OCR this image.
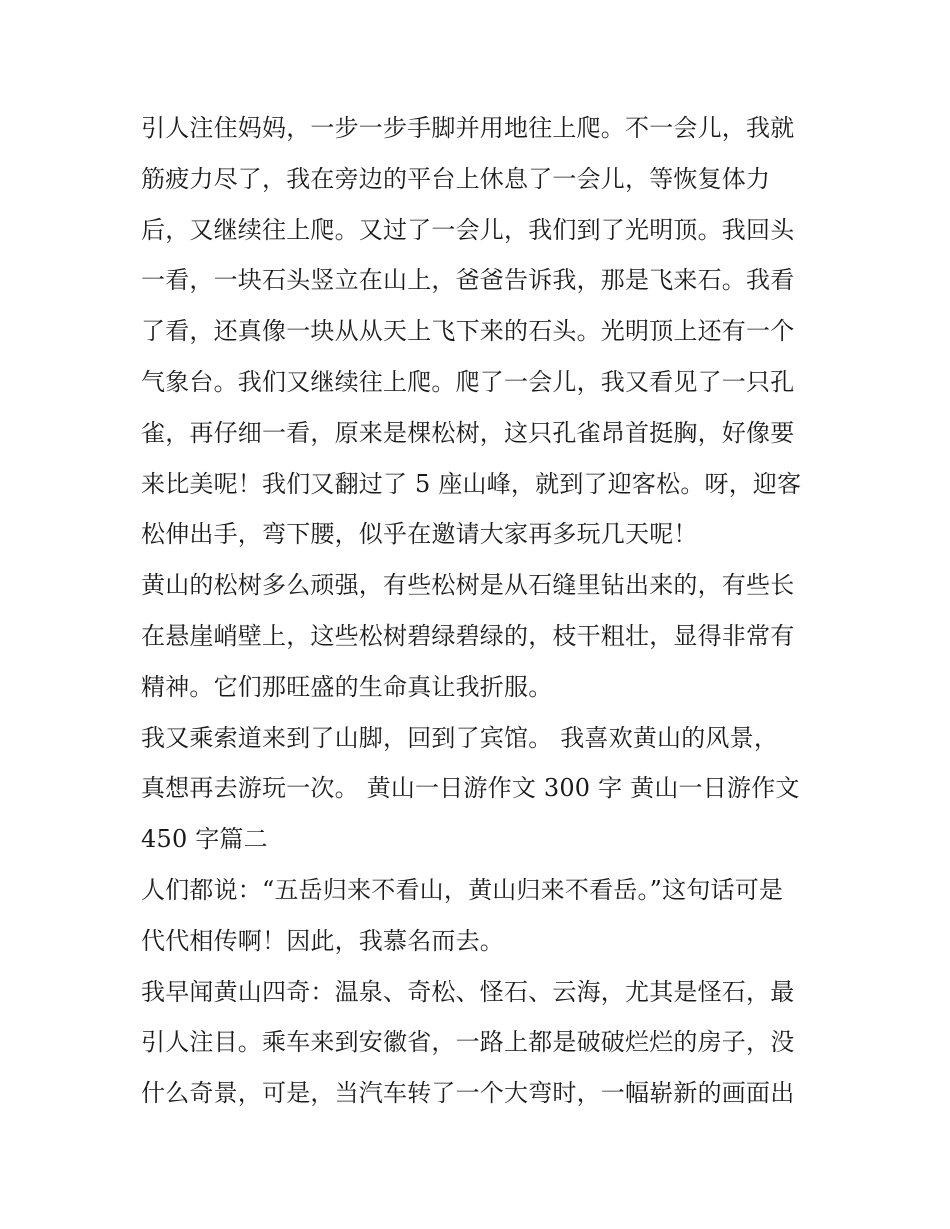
引人注住妈妈，一步一步手脚并用地往上爬。不一会儿，我就
筋疲力尽了，我在旁边的平台上休息了一会儿，等恢复体力
后，又继续往上爬。又过了一会儿，我们到了光明顶。我回头
一看，一块石头竖立在山上，爸爸告诉我，那是飞来石。我看
了看，还真像一块从从天上飞下来的石头。光明顶上还有一个
气象台。我们又继续往上爬。爬了一会儿，我又看见了一只孔
雀，再仔细一看，原来是棵松树，这只孔雀昂首挺胸，好像要
来比美呢！我们又翻过了 5 座山峰，就到了迎客松。呀，迎客
松伸出手，弯下腰，似乎在邀请大家再多玩几天呢！
黄山的松树多么顽强，有些松树是从石缝里钻出来的，有些长
在悬崖峭壁上，这些松树碧绿碧绿的，枝干粗壮，显得非常有
精神。它们那旺盛的生命真让我折服。
我又乘索道来到了山脚，回到了宾馆。 我喜欢黄山的风景，
真想再去游玩一次。 黄山一日游作文 300 字 黄山一日游作文
450 字篇二
人们都说：“五岳归来不看山，黄山归来不看岳。”这句话可是
代代相传啊！因此，我慕名而去。
我早闻黄山四奇：温泉、奇松、怪石、云海，尤其是怪石，最
引人注目。乘车来到安徽省，一路上都是破破烂烂的房子，没
什么奇景，可是，当汽车转了一个大弯时，一幅崭新的画面出
